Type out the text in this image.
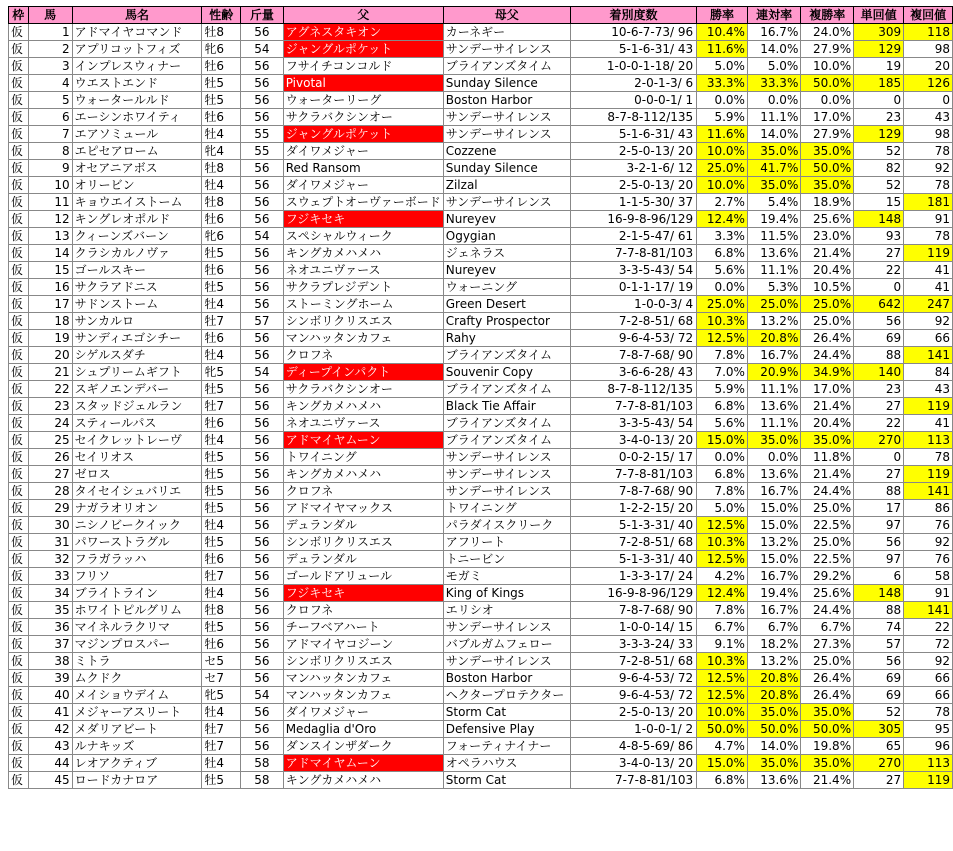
枠	馬	馬名	性齢	斤量	父	母父	着別度数	勝率	連対率	複勝率	単回値	複回値
仮	1	アドマイヤコマンド	牡8	56	アグネスタキオン	カーネギー	10-6-7-73/ 96	10.4%	16.7%	24.0%	309	118
仮	2	アプリコットフィズ	牝6	54	ジャングルポケット	サンデーサイレンス	5-1-6-31/ 43	11.6%	14.0%	27.9%	129	98
仮	3	インプレスウィナー	牡6	56	フサイチコンコルド	ブライアンズタイム	1-0-0-1-18/ 20	5.0%	5.0%	10.0%	19	20
仮	4	ウエストエンド	牡5	56	Pivotal	Sunday Silence	2-0-1-3/ 6	33.3%	33.3%	50.0%	185	126
仮	5	ウォータールルド	牡5	56	ウォーターリーグ	Boston Harbor	0-0-0-1/ 1	0.0%	0.0%	0.0%	0	0
仮	6	エーシンホワイティ	牡6	56	サクラバクシンオー	サンデーサイレンス	8-7-8-112/135	5.9%	11.1%	17.0%	23	43
仮	7	エアソミュール	牡4	55	ジャングルポケット	サンデーサイレンス	5-1-6-31/ 43	11.6%	14.0%	27.9%	129	98
仮	8	エピセアローム	牝4	55	ダイワメジャー	Cozzene	2-5-0-13/ 20	10.0%	35.0%	35.0%	52	78
仮	9	オセアニアボス	牡8	56	Red Ransom	Sunday Silence	3-2-1-6/ 12	25.0%	41.7%	50.0%	82	92
仮	10	オリービン	牡4	56	ダイワメジャー	Zilzal	2-5-0-13/ 20	10.0%	35.0%	35.0%	52	78
仮	11	キョウエイストーム	牡8	56	スウェプトオーヴァーボード	サンデーサイレンス	1-1-5-30/ 37	2.7%	5.4%	18.9%	15	181
仮	12	キングレオポルド	牡6	56	フジキセキ	Nureyev	16-9-8-96/129	12.4%	19.4%	25.6%	148	91
仮	13	クィーンズバーン	牝6	54	スペシャルウィーク	Ogygian	2-1-5-47/ 61	3.3%	11.5%	23.0%	93	78
仮	14	クラシカルノヴァ	牡5	56	キングカメハメハ	ジェネラス	7-7-8-81/103	6.8%	13.6%	21.4%	27	119
仮	15	ゴールスキー	牡6	56	ネオユニヴァース	Nureyev	3-3-5-43/ 54	5.6%	11.1%	20.4%	22	41
仮	16	サクラアドニス	牡5	56	サクラプレジデント	ウォーニング	0-1-1-17/ 19	0.0%	5.3%	10.5%	0	41
仮	17	サドンストーム	牡4	56	ストーミングホーム	Green Desert	1-0-0-3/ 4	25.0%	25.0%	25.0%	642	247
仮	18	サンカルロ	牡7	57	シンボリクリスエス	Crafty Prospector	7-2-8-51/ 68	10.3%	13.2%	25.0%	56	92
仮	19	サンディエゴシチー	牡6	56	マンハッタンカフェ	Rahy	9-6-4-53/ 72	12.5%	20.8%	26.4%	69	66
仮	20	シゲルスダチ	牡4	56	クロフネ	ブライアンズタイム	7-8-7-68/ 90	7.8%	16.7%	24.4%	88	141
仮	21	シュプリームギフト	牝5	54	ディープインパクト	Souvenir Copy	3-6-6-28/ 43	7.0%	20.9%	34.9%	140	84
仮	22	スギノエンデバー	牡5	56	サクラバクシンオー	ブライアンズタイム	8-7-8-112/135	5.9%	11.1%	17.0%	23	43
仮	23	スタッドジェルラン	牡7	56	キングカメハメハ	Black Tie Affair	7-7-8-81/103	6.8%	13.6%	21.4%	27	119
仮	24	スティールパス	牡6	56	ネオユニヴァース	ブライアンズタイム	3-3-5-43/ 54	5.6%	11.1%	20.4%	22	41
仮	25	セイクレットレーヴ	牡4	56	アドマイヤムーン	ブライアンズタイム	3-4-0-13/ 20	15.0%	35.0%	35.0%	270	113
仮	26	セイリオス	牡5	56	トワイニング	サンデーサイレンス	0-0-2-15/ 17	0.0%	0.0%	11.8%	0	78
仮	27	ゼロス	牡5	56	キングカメハメハ	サンデーサイレンス	7-7-8-81/103	6.8%	13.6%	21.4%	27	119
仮	28	タイセイシュバリエ	牡5	56	クロフネ	サンデーサイレンス	7-8-7-68/ 90	7.8%	16.7%	24.4%	88	141
仮	29	ナガラオリオン	牡5	56	アドマイヤマックス	トワイニング	1-2-2-15/ 20	5.0%	15.0%	25.0%	17	86
仮	30	ニシノビークイック	牡4	56	デュランダル	パラダイスクリーク	5-1-3-31/ 40	12.5%	15.0%	22.5%	97	76
仮	31	パワーストラグル	牡5	56	シンボリクリスエス	アフリート	7-2-8-51/ 68	10.3%	13.2%	25.0%	56	92
仮	32	フラガラッハ	牡6	56	デュランダル	トニービン	5-1-3-31/ 40	12.5%	15.0%	22.5%	97	76
仮	33	フリソ	牡7	56	ゴールドアリュール	モガミ	1-3-3-17/ 24	4.2%	16.7%	29.2%	6	58
仮	34	ブライトライン	牡4	56	フジキセキ	King of Kings	16-9-8-96/129	12.4%	19.4%	25.6%	148	91
仮	35	ホワイトピルグリム	牡8	56	クロフネ	エリシオ	7-8-7-68/ 90	7.8%	16.7%	24.4%	88	141
仮	36	マイネルラクリマ	牡5	56	チーフベアハート	サンデーサイレンス	1-0-0-14/ 15	6.7%	6.7%	6.7%	74	22
仮	37	マジンプロスパー	牡6	56	アドマイヤコジーン	バブルガムフェロー	3-3-3-24/ 33	9.1%	18.2%	27.3%	57	72
仮	38	ミトラ	セ5	56	シンボリクリスエス	サンデーサイレンス	7-2-8-51/ 68	10.3%	13.2%	25.0%	56	92
仮	39	ムクドク	セ7	56	マンハッタンカフェ	Boston Harbor	9-6-4-53/ 72	12.5%	20.8%	26.4%	69	66
仮	40	メイショウデイム	牝5	54	マンハッタンカフェ	ヘクタープロテクター	9-6-4-53/ 72	12.5%	20.8%	26.4%	69	66
仮	41	メジャーアスリート	牡4	56	ダイワメジャー	Storm Cat	2-5-0-13/ 20	10.0%	35.0%	35.0%	52	78
仮	42	メダリアビート	牡7	56	Medaglia d'Oro	Defensive Play	1-0-0-1/ 2	50.0%	50.0%	50.0%	305	95
仮	43	ルナキッズ	牡7	56	ダンスインザダーク	フォーティナイナー	4-8-5-69/ 86	4.7%	14.0%	19.8%	65	96
仮	44	レオアクティブ	牡4	58	アドマイヤムーン	オペラハウス	3-4-0-13/ 20	15.0%	35.0%	35.0%	270	113
仮	45	ロードカナロア	牡5	58	キングカメハメハ	Storm Cat	7-7-8-81/103	6.8%	13.6%	21.4%	27	119
